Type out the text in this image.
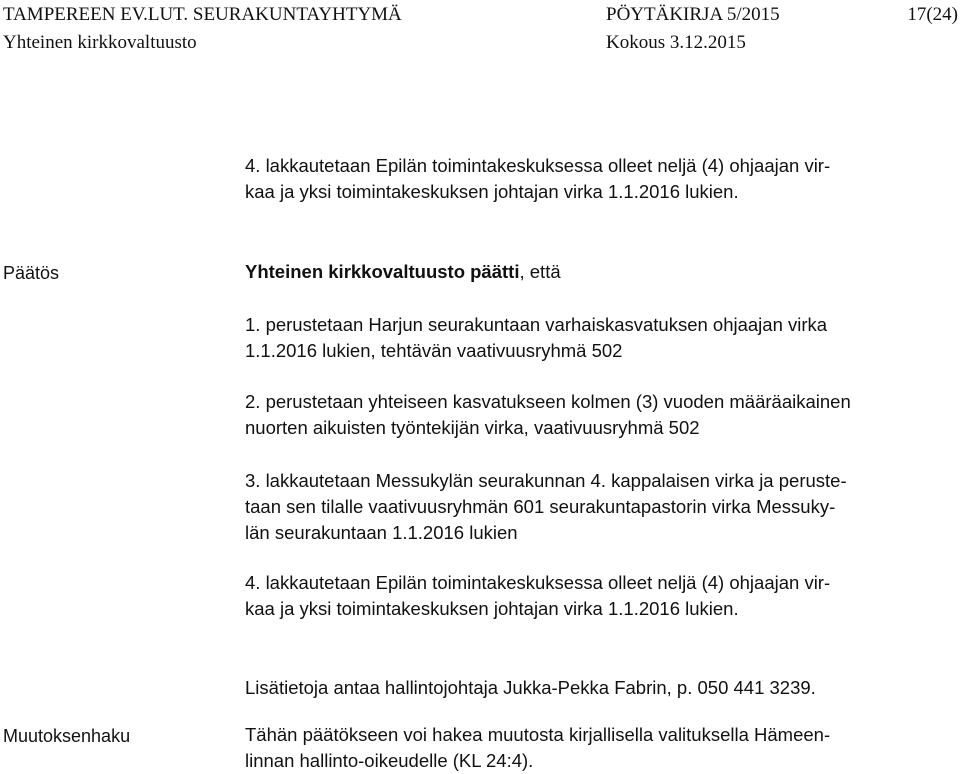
TAMPEREEN EV.LUT. SEURAKUNTAYHTYMÄ	PÖYTÄKIRJA 5/2015	17(24)
Yhteinen kirkkovaltuusto	Kokous 3.12.2015
4. lakkautetaan Epilän toimintakeskuksessa olleet neljä (4) ohjaajan vir-
kaa ja yksi toimintakeskuksen johtajan virka 1.1.2016 lukien.
Päätös	Yhteinen kirkkovaltuusto päätti, että
1. perustetaan Harjun seurakuntaan varhaiskasvatuksen ohjaajan virka
1.1.2016 lukien, tehtävän vaativuusryhmä 502
2. perustetaan yhteiseen kasvatukseen kolmen (3) vuoden määräaikainen
nuorten aikuisten työntekijän virka, vaativuusryhmä 502
3. lakkautetaan Messukylän seurakunnan 4. kappalaisen virka ja peruste-
taan sen tilalle vaativuusryhmän 601 seurakuntapastorin virka Messuky-
län seurakuntaan 1.1.2016 lukien
4. lakkautetaan Epilän toimintakeskuksessa olleet neljä (4) ohjaajan vir-
kaa ja yksi toimintakeskuksen johtajan virka 1.1.2016 lukien.
Lisätietoja antaa hallintojohtaja Jukka-Pekka Fabrin, p. 050 441 3239.
Muutoksenhaku	Tähän päätökseen voi hakea muutosta kirjallisella valituksella Hämeen-
linnan hallinto-oikeudelle (KL 24:4).
